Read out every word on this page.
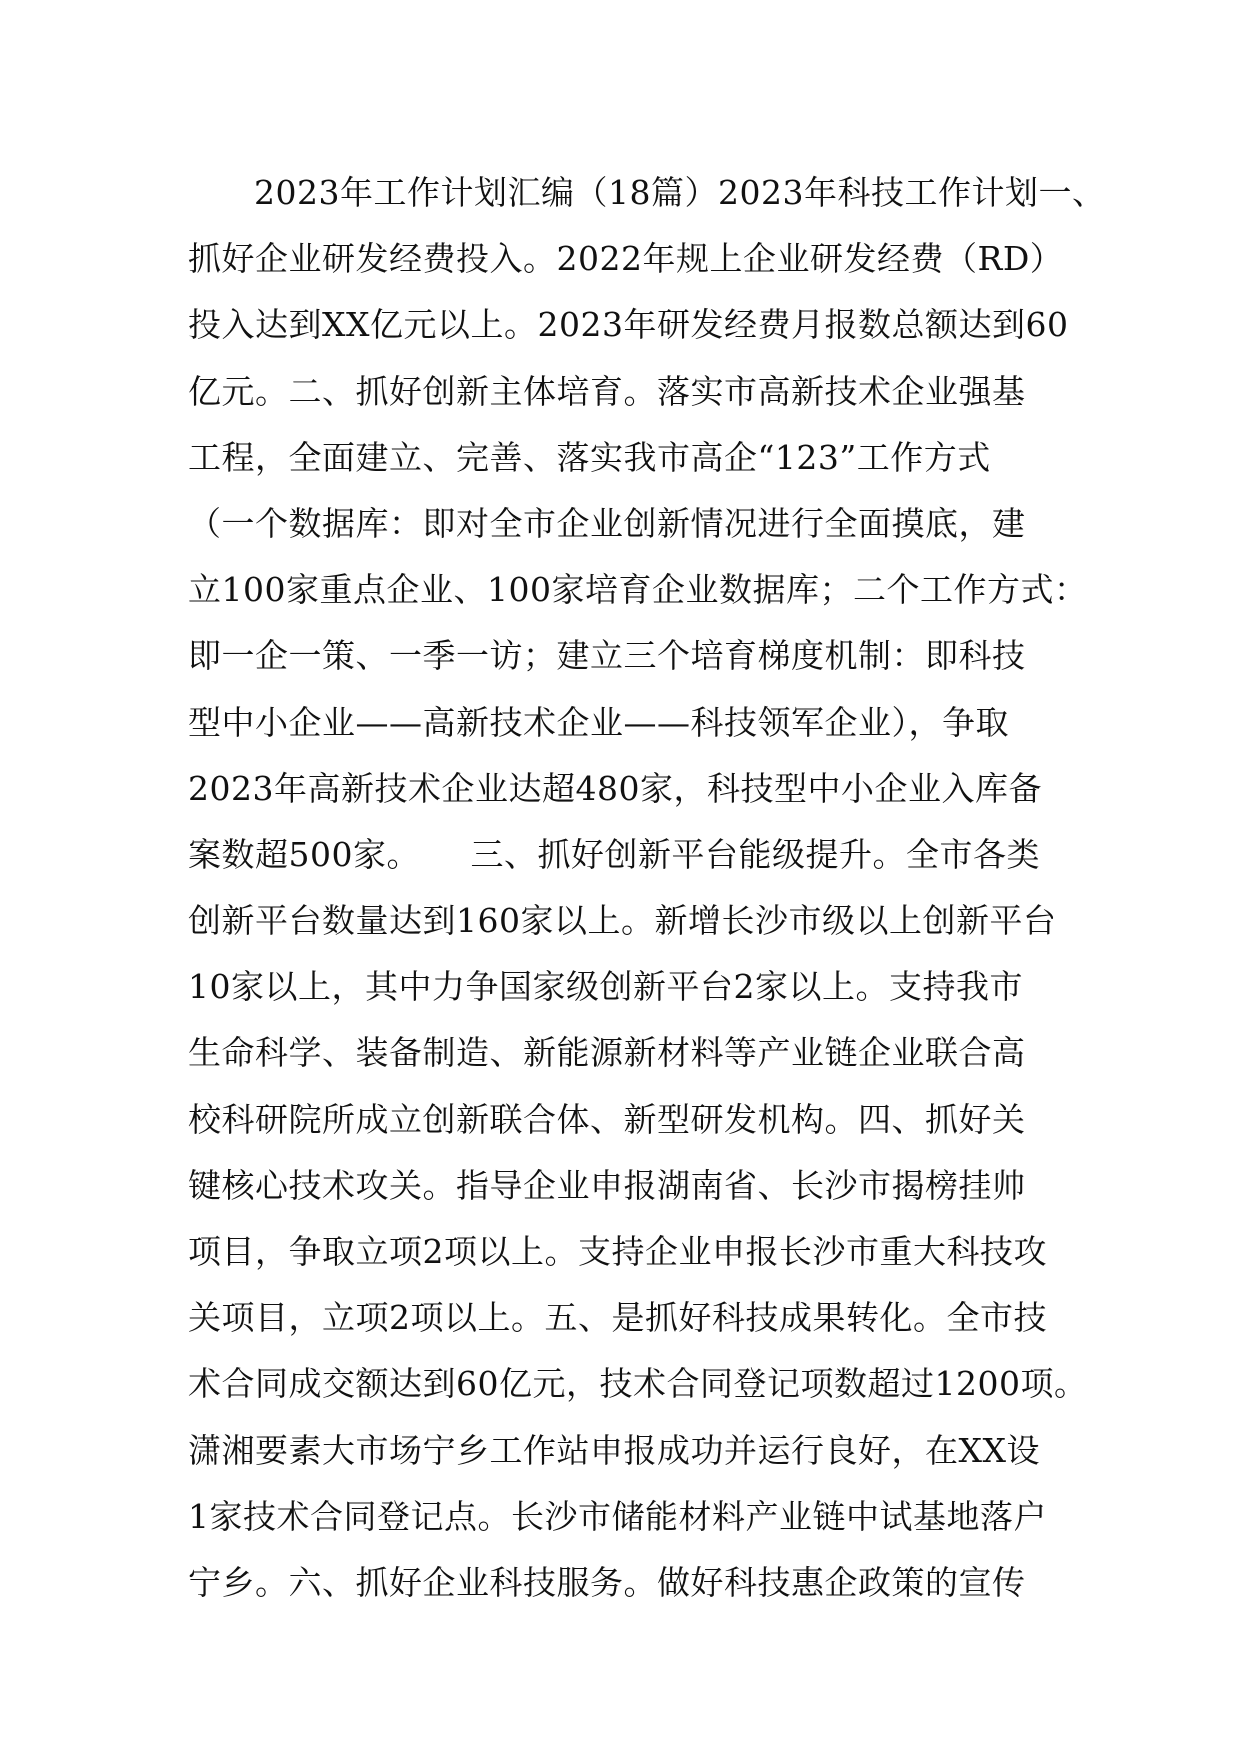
2023年工作计划汇编（18篇）2023年科技工作计划一、
抓好企业研发经费投入。2022年规上企业研发经费（RD）
投入达到XX亿元以上。2023年研发经费月报数总额达到60
亿元。二、抓好创新主体培育。落实市高新技术企业强基
工程，全面建立、完善、落实我市高企“123”工作方式
（一个数据库：即对全市企业创新情况进行全面摸底，建
立100家重点企业、100家培育企业数据库；二个工作方式：
即一企一策、一季一访；建立三个培育梯度机制：即科技
型中小企业——高新技术企业——科技领军企业），争取
2023年高新技术企业达超480家，科技型中小企业入库备
案数超500家。　　三、抓好创新平台能级提升。全市各类
创新平台数量达到160家以上。新增长沙市级以上创新平台
10家以上，其中力争国家级创新平台2家以上。支持我市
生命科学、装备制造、新能源新材料等产业链企业联合高
校科研院所成立创新联合体、新型研发机构。四、抓好关
键核心技术攻关。指导企业申报湖南省、长沙市揭榜挂帅
项目，争取立项2项以上。支持企业申报长沙市重大科技攻
关项目，立项2项以上。五、是抓好科技成果转化。全市技
术合同成交额达到60亿元，技术合同登记项数超过1200项。
潇湘要素大市场宁乡工作站申报成功并运行良好，在XX设
1家技术合同登记点。长沙市储能材料产业链中试基地落户
宁乡。六、抓好企业科技服务。做好科技惠企政策的宣传
